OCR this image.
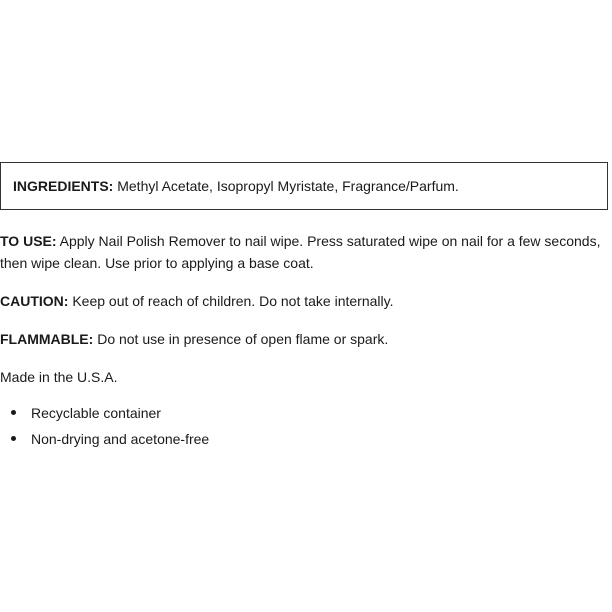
INGREDIENTS: Methyl Acetate, Isopropyl Myristate, Fragrance/Parfum.
TO USE: Apply Nail Polish Remover to nail wipe. Press saturated wipe on nail for a few seconds, then wipe clean. Use prior to applying a base coat.
CAUTION: Keep out of reach of children. Do not take internally.
FLAMMABLE: Do not use in presence of open flame or spark.
Made in the U.S.A.
Recyclable container
Non-drying and acetone-free
